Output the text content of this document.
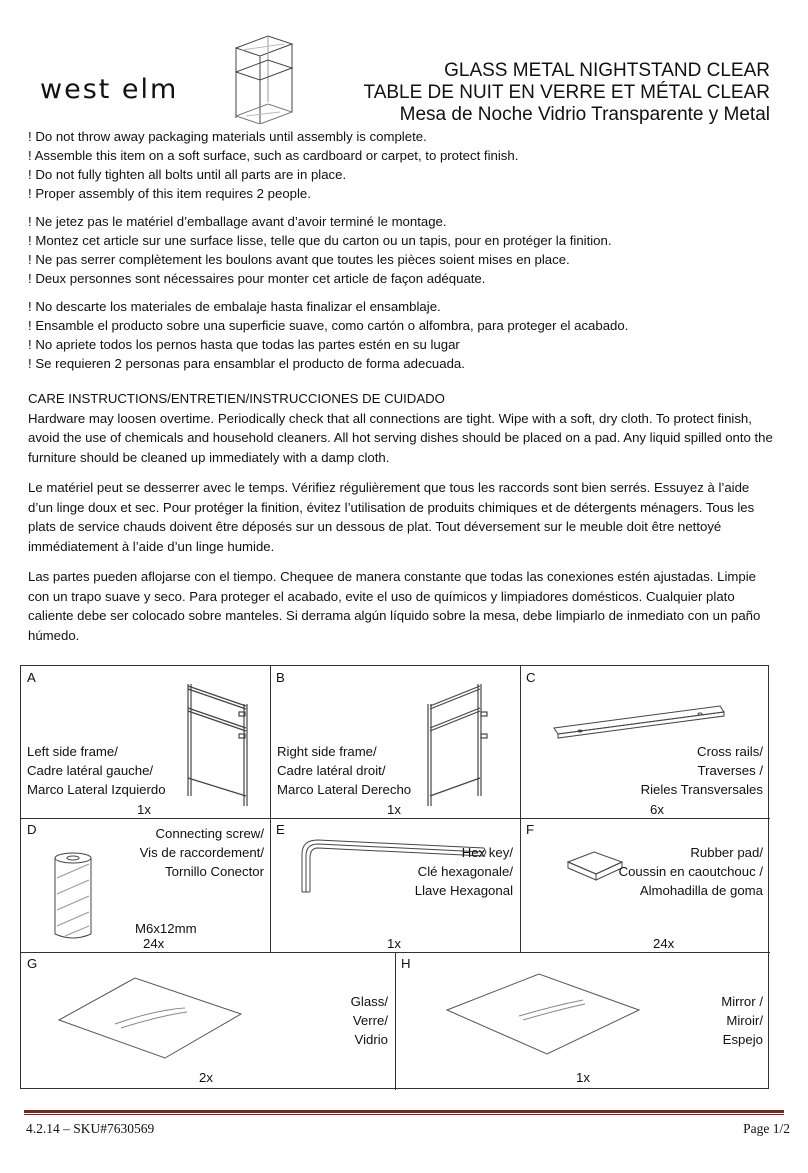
west elm
GLASS METAL NIGHTSTAND CLEAR
TABLE DE NUIT EN VERRE ET MÉTAL CLEAR
Mesa de Noche Vidrio Transparente y Metal
! Do not throw away packaging materials until assembly is complete.
! Assemble this item on a soft surface, such as cardboard or carpet, to protect finish.
! Do not fully tighten all bolts until all parts are in place.
! Proper assembly of this item requires 2 people.
! Ne jetez pas le matériel d’emballage avant d’avoir terminé le montage.
! Montez cet article sur une surface lisse, telle que du carton ou un tapis, pour en protéger la finition.
! Ne pas serrer complètement les boulons avant que toutes les pièces soient mises en place.
! Deux personnes sont nécessaires pour monter cet article de façon adéquate.
! No descarte los materiales de embalaje hasta finalizar el ensamblaje.
! Ensamble el producto sobre una superficie suave, como cartón o alfombra, para proteger el acabado.
! No apriete todos los pernos hasta que todas las partes estén en su lugar
! Se requieren 2 personas para ensamblar el producto de forma adecuada.
CARE INSTRUCTIONS/ENTRETIEN/INSTRUCCIONES DE CUIDADO

Hardware may loosen overtime. Periodically check that all connections are tight. Wipe with a soft, dry cloth. To protect finish, avoid the use of chemicals and household cleaners. All hot serving dishes should be placed on a pad. Any liquid spilled onto the furniture should be cleaned up immediately with a damp cloth.

Le matériel peut se desserrer avec le temps. Vérifiez régulièrement que tous les raccords sont bien serrés. Essuyez à l’aide d’un linge doux et sec. Pour protéger la finition, évitez l’utilisation de produits chimiques et de détergents ménagers. Tous les plats de service chauds doivent être déposés sur un dessous de plat. Tout déversement sur le meuble doit être nettoyé immédiatement à l’aide d’un linge humide.

Las partes pueden aflojarse con el tiempo. Chequee de manera constante que todas las conexiones estén ajustadas. Limpie con un trapo suave y seco. Para proteger el acabado, evite el uso de químicos y limpiadores domésticos. Cualquier plato caliente debe ser colocado sobre manteles. Si derrama algún líquido sobre la mesa, debe limpiarlo de inmediato con un paño húmedo.

A
Left side frame/
Cadre latéral gauche/
Marco Lateral Izquierdo
1x
B
Right side frame/
Cadre latéral droit/
Marco Lateral Derecho
1x
C
Cross rails/
Traverses /
Rieles Transversales
6x
D	Connecting screw/
Vis de raccordement/
Tornillo Conector
M6x12mm
24x
E
Hex key/
Clé hexagonale/
Llave Hexagonal
1x
F
Rubber pad/
Coussin en caoutchouc /
Almohadilla de goma
24x
G
Glass/
Verre/
Vidrio
2x
H
Mirror /
Miroir/
Espejo
1x
4.2.14 – SKU#7630569	Page 1/2
